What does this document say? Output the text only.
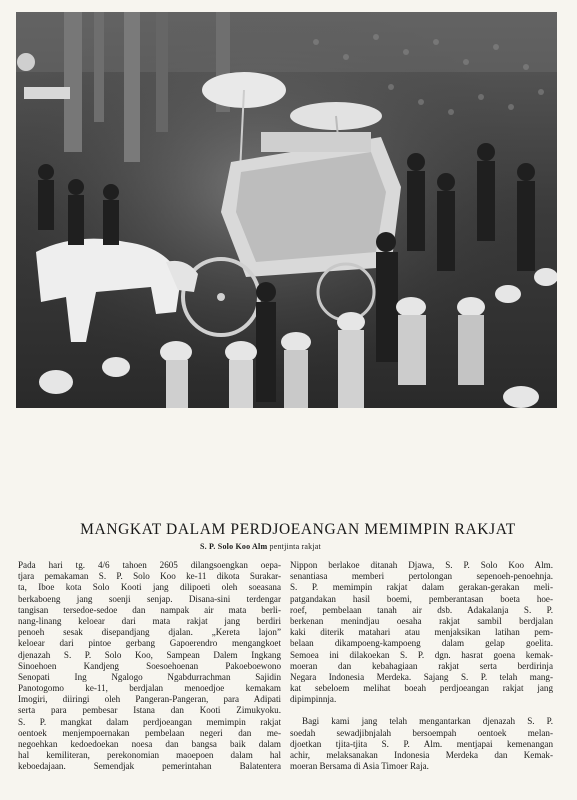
MANGKAT DALAM PERDJOEANGAN MEMIMPIN RAKJAT
S. P. Solo Koo Alm pentjinta rakjat
Pada hari tg. 4/6 tahoen 2605 dilangsoengkan oepa-
tjara pemakaman S. P. Solo Koo ke-11 dikota Surakar-
ta, Iboe kota Solo Kooti jang dilipoeti oleh soeasana
berkaboeng jang soenji senjap. Disana-sini terdengar
tangisan tersedoe-sedoe dan nampak air mata berli-
nang-linang keloear dari mata rakjat jang berdiri
penoeh sesak disepandjang djalan. „Kereta lajon”
keloear dari pintoe gerbang Gapoerendro mengangkoet
djenazah S. P. Solo Koo, Sampean Dalem Ingkang
Sinoehoen Kandjeng Soesoehoenan Pakoeboewono
Senopati Ing Ngalogo Ngabdurrachman Sajidin
Panotogomo ke-11, berdjalan menoedjoe kemakam
Imogiri, diiringi oleh Pangeran-Pangeran, para Adipati
serta para pembesar Istana dan Kooti Zimukyoku.
S. P. mangkat dalam perdjoeangan memimpin rakjat
oentoek menjempoernakan pembelaan negeri dan me-
negoehkan kedoedoekan noesa dan bangsa baik dalam
hal kemiliteran, perekonomian maoepoen dalam hal
keboedajaan. Semendjak pemerintahan Balatentera
Nippon berlakoe ditanah Djawa, S. P. Solo Koo Alm.
senantiasa memberi pertolongan sepenoeh-penoehnja.
S. P. memimpin rakjat dalam gerakan-gerakan meli-
patgandakan hasil boemi, pemberantasan boeta hoe-
roef, pembelaan tanah air dsb. Adakalanja S. P.
berkenan menindjau oesaha rakjat sambil berdjalan
kaki diterik matahari atau menjaksikan latihan pem-
belaan dikampoeng-kampoeng dalam gelap goelita.
Semoea ini dilakoekan S. P. dgn. hasrat goena kemak-
moeran dan kebahagiaan rakjat serta berdirinja
Negara Indonesia Merdeka. Sajang S. P. telah mang-
kat sebeloem melihat boeah perdjoeangan rakjat jang
dipimpinnja.
Bagi kami jang telah mengantarkan djenazah S. P.
soedah sewadjibnjalah bersoempah oentoek melan-
djoetkan tjita-tjita S. P. Alm. mentjapai kemenangan
achir, melaksanakan Indonesia Merdeka dan Kemak-
moeran Bersama di Asia Timoer Raja.
